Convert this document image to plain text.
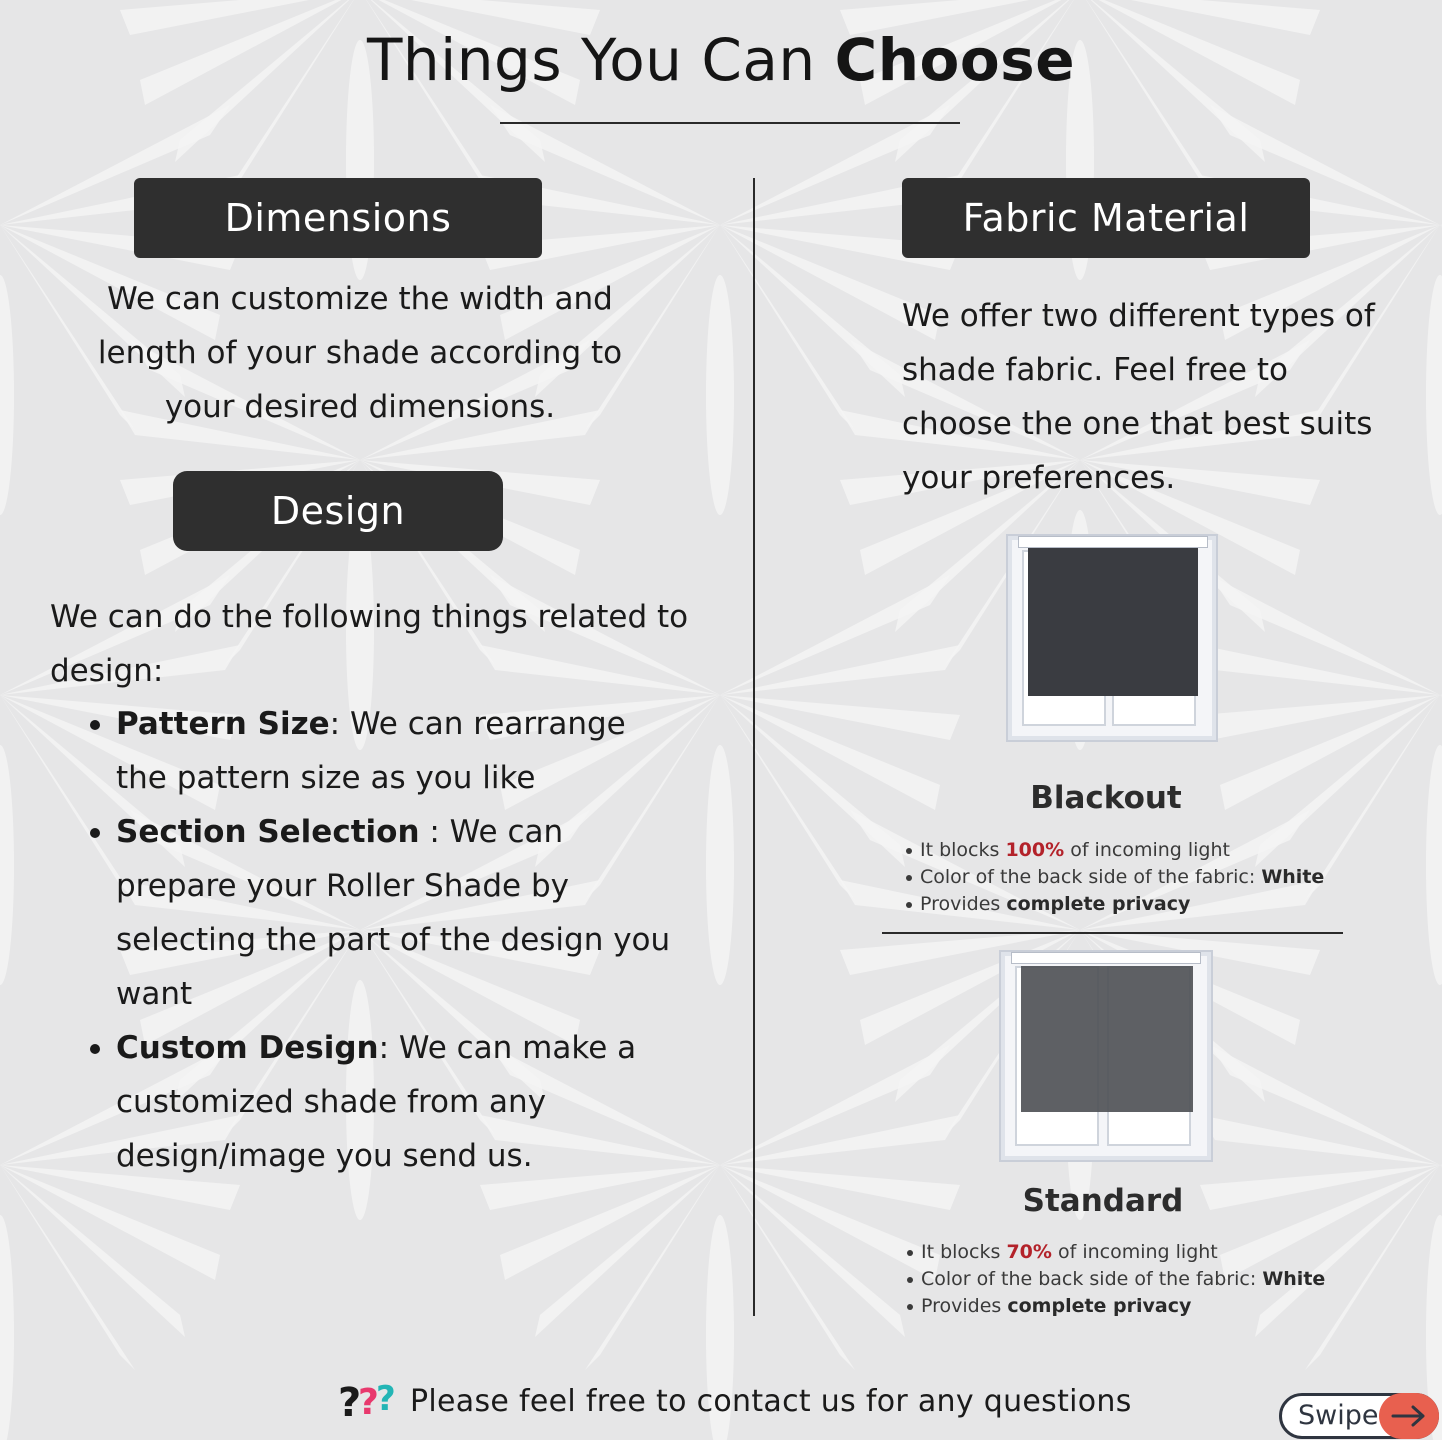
Things You Can Choose
Dimensions
We can customize the width and length of your shade according to your desired dimensions.
Design
We can do the following things related to design:
Pattern Size: We can rearrange the pattern size as you like
Section Selection : We can prepare your Roller Shade by selecting the part of the design you want
Custom Design: We can make a customized shade from any design/image you send us.
Fabric Material
We offer two different types of shade fabric. Feel free to choose the one that best suits your preferences.
Blackout
It blocks 100% of incoming light
Color of the back side of the fabric: White
Provides complete privacy
Standard
It blocks 70% of incoming light
Color of the back side of the fabric: White
Provides complete privacy
?
?
? Please feel free to contact us for any questions	Swipe
